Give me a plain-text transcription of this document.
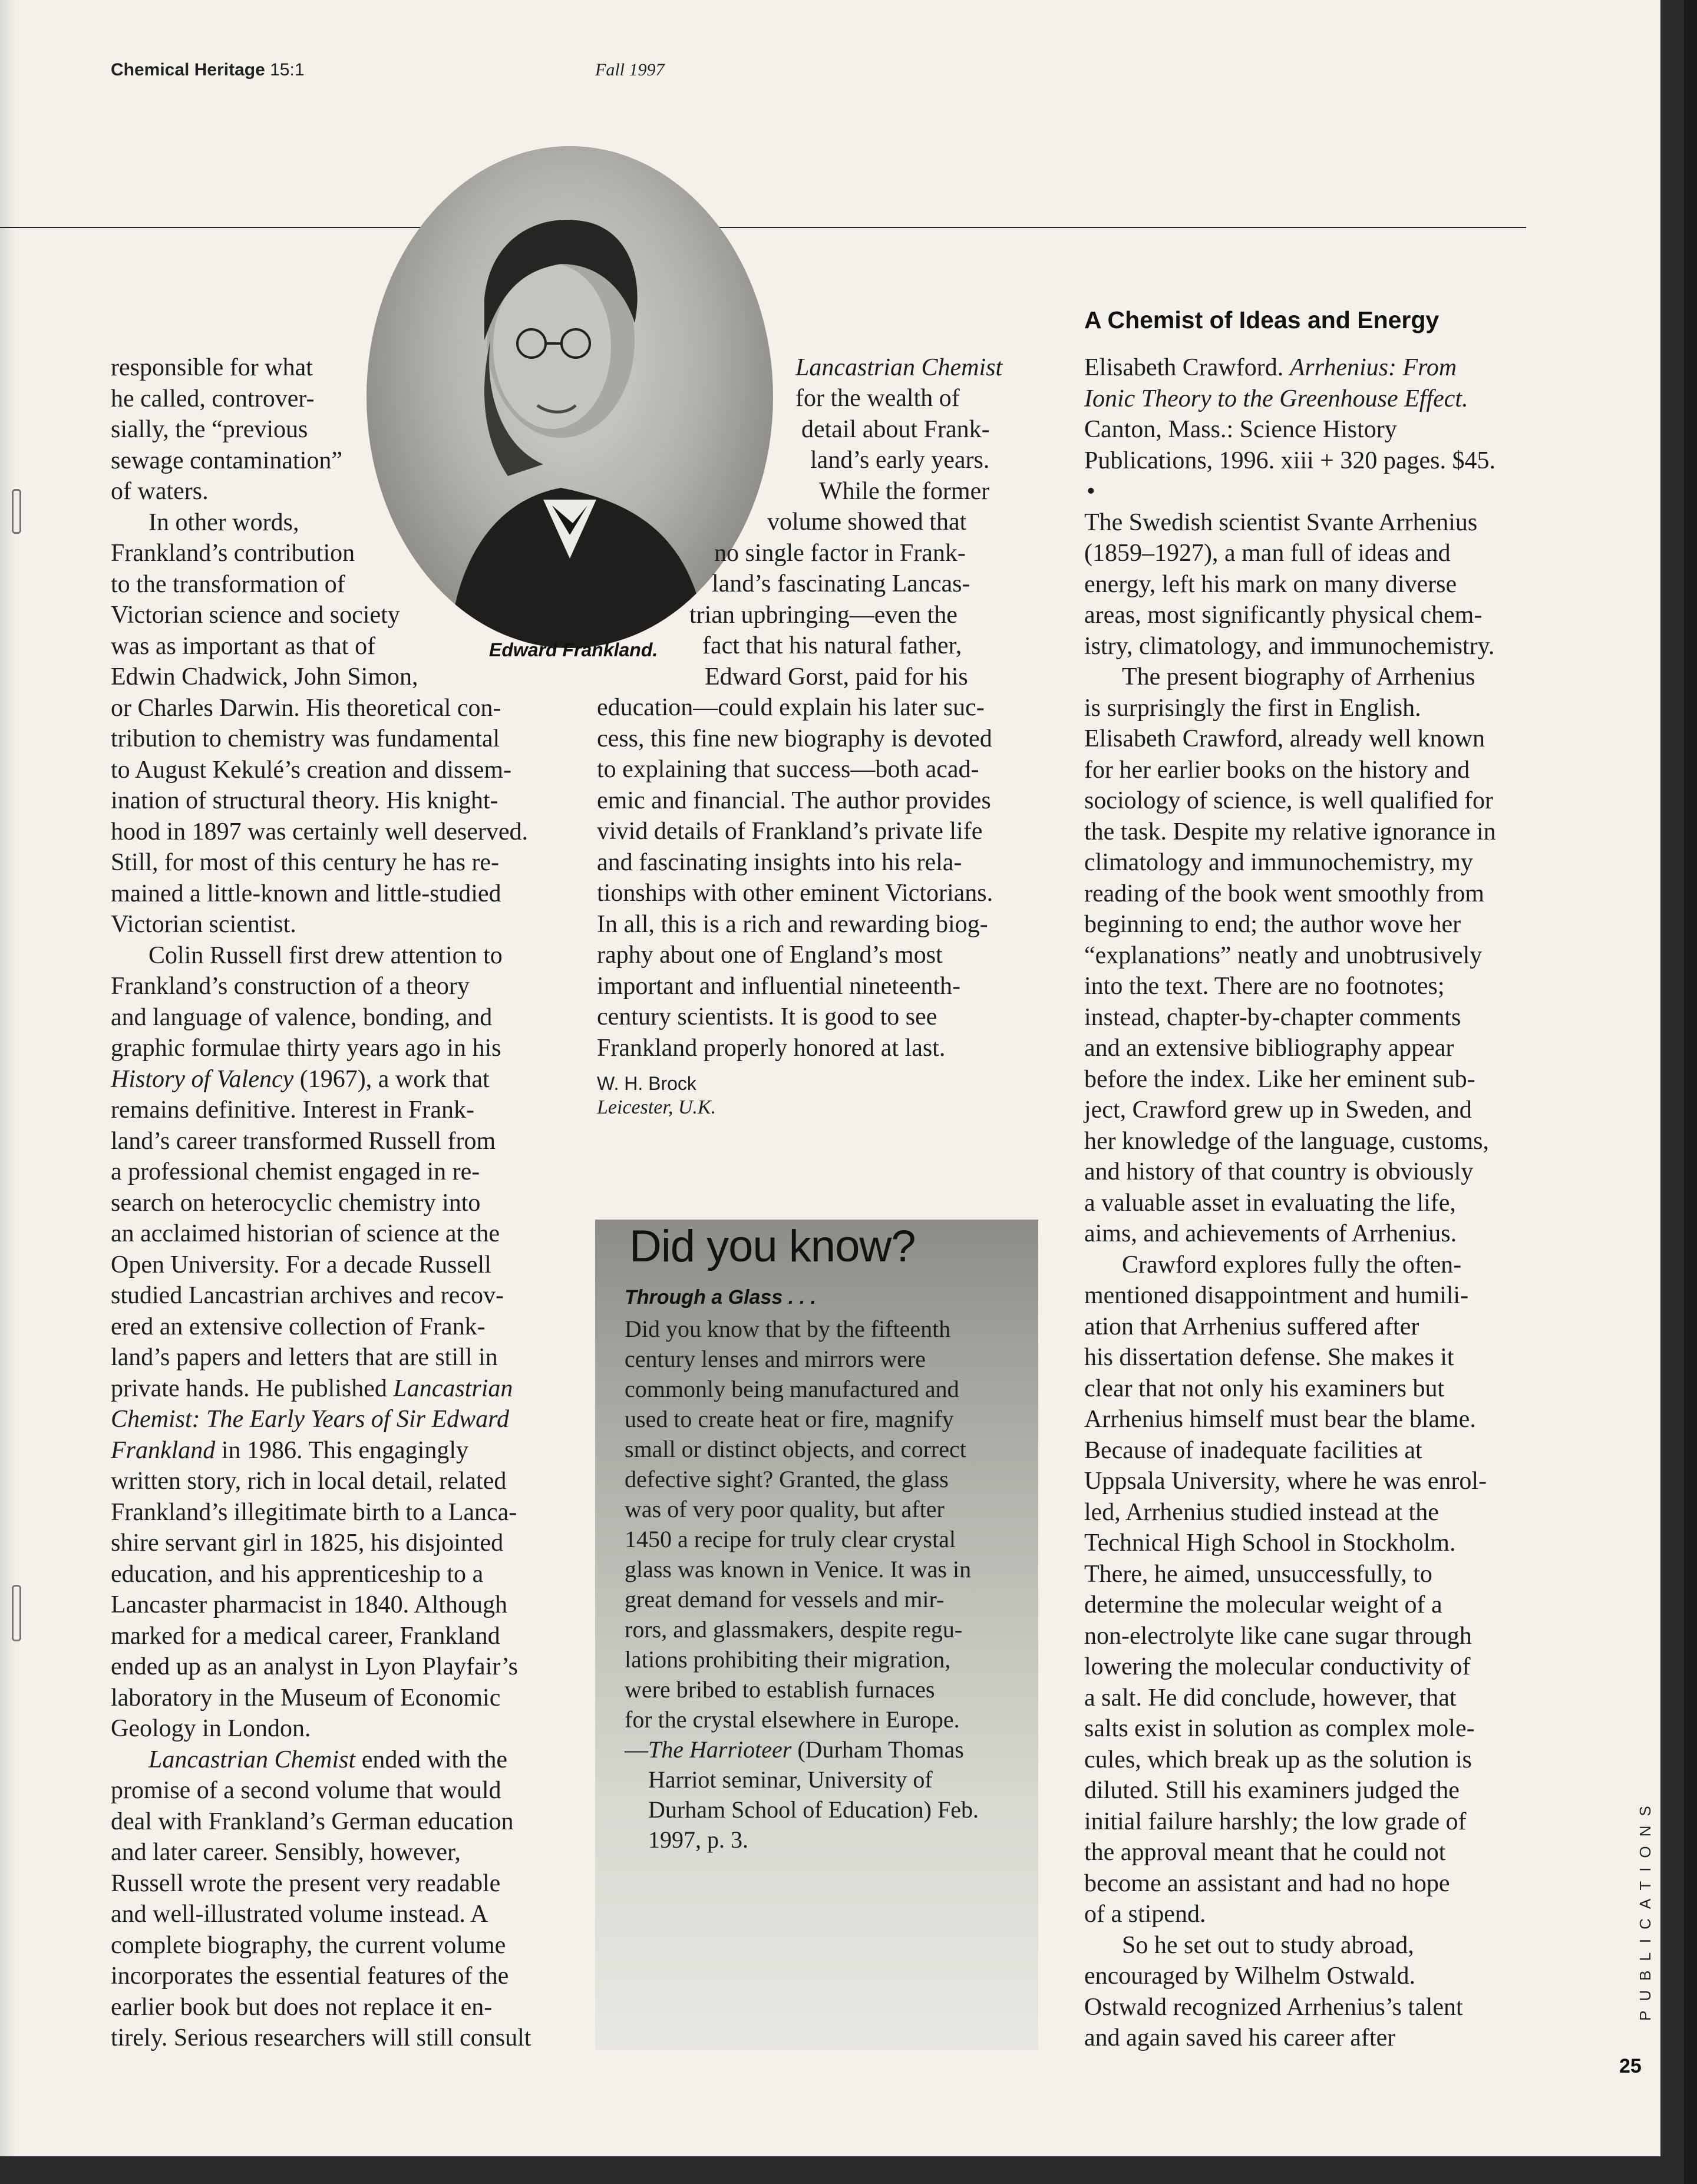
Chemical Heritage 15:1	Fall 1997
Edward Frankland.
responsible for what
he called, controver-
sially, the “previous
sewage contamination”
of waters.
In other words,
Frankland’s contribution
to the transformation of
Victorian science and society
was as important as that of
Edwin Chadwick, John Simon,
or Charles Darwin. His theoretical con-
tribution to chemistry was fundamental
to August Kekulé’s creation and dissem-
ination of structural theory. His knight-
hood in 1897 was certainly well deserved.
Still, for most of this century he has re-
mained a little-known and little-studied
Victorian scientist.
Colin Russell first drew attention to
Frankland’s construction of a theory
and language of valence, bonding, and
graphic formulae thirty years ago in his
History of Valency (1967), a work that
remains definitive. Interest in Frank-
land’s career transformed Russell from
a professional chemist engaged in re-
search on heterocyclic chemistry into
an acclaimed historian of science at the
Open University. For a decade Russell
studied Lancastrian archives and recov-
ered an extensive collection of Frank-
land’s papers and letters that are still in
private hands. He published Lancastrian
Chemist: The Early Years of Sir Edward
Frankland in 1986. This engagingly
written story, rich in local detail, related
Frankland’s illegitimate birth to a Lanca-
shire servant girl in 1825, his disjointed
education, and his apprenticeship to a
Lancaster pharmacist in 1840. Although
marked for a medical career, Frankland
ended up as an analyst in Lyon Playfair’s
laboratory in the Museum of Economic
Geology in London.
Lancastrian Chemist ended with the
promise of a second volume that would
deal with Frankland’s German education
and later career. Sensibly, however,
Russell wrote the present very readable
and well-illustrated volume instead. A
complete biography, the current volume
incorporates the essential features of the
earlier book but does not replace it en-
tirely. Serious researchers will still consult
Lancastrian Chemist
for the wealth of
detail about Frank-
land’s early years.
While the former
volume showed that
no single factor in Frank-
land’s fascinating Lancas-
trian upbringing—even the
fact that his natural father,
Edward Gorst, paid for his
education—could explain his later suc-
cess, this fine new biography is devoted
to explaining that success—both acad-
emic and financial. The author provides
vivid details of Frankland’s private life
and fascinating insights into his rela-
tionships with other eminent Victorians.
In all, this is a rich and rewarding biog-
raphy about one of England’s most
important and influential nineteenth-
century scientists. It is good to see
Frankland properly honored at last.
W. H. Brock
Leicester, U.K.
Did you know?
Through a Glass . . .
Did you know that by the fifteenth
century lenses and mirrors were
commonly being manufactured and
used to create heat or fire, magnify
small or distinct objects, and correct
defective sight? Granted, the glass
was of very poor quality, but after
1450 a recipe for truly clear crystal
glass was known in Venice. It was in
great demand for vessels and mir-
rors, and glassmakers, despite regu-
lations prohibiting their migration,
were bribed to establish furnaces
for the crystal elsewhere in Europe.
—The Harrioteer (Durham Thomas
Harriot seminar, University of
Durham School of Education) Feb.
1997, p. 3.
A Chemist of Ideas and Energy
Elisabeth Crawford. Arrhenius: From
Ionic Theory to the Greenhouse Effect.
Canton, Mass.: Science History
Publications, 1996. xiii + 320 pages. $45.
•
The Swedish scientist Svante Arrhenius
(1859–1927), a man full of ideas and
energy, left his mark on many diverse
areas, most significantly physical chem-
istry, climatology, and immunochemistry.
The present biography of Arrhenius
is surprisingly the first in English.
Elisabeth Crawford, already well known
for her earlier books on the history and
sociology of science, is well qualified for
the task. Despite my relative ignorance in
climatology and immunochemistry, my
reading of the book went smoothly from
beginning to end; the author wove her
“explanations” neatly and unobtrusively
into the text. There are no footnotes;
instead, chapter-by-chapter comments
and an extensive bibliography appear
before the index. Like her eminent sub-
ject, Crawford grew up in Sweden, and
her knowledge of the language, customs,
and history of that country is obviously
a valuable asset in evaluating the life,
aims, and achievements of Arrhenius.
Crawford explores fully the often-
mentioned disappointment and humili-
ation that Arrhenius suffered after
his dissertation defense. She makes it
clear that not only his examiners but
Arrhenius himself must bear the blame.
Because of inadequate facilities at
Uppsala University, where he was enrol-
led, Arrhenius studied instead at the
Technical High School in Stockholm.
There, he aimed, unsuccessfully, to
determine the molecular weight of a
non-electrolyte like cane sugar through
lowering the molecular conductivity of
a salt. He did conclude, however, that
salts exist in solution as complex mole-
cules, which break up as the solution is
diluted. Still his examiners judged the
initial failure harshly; the low grade of
the approval meant that he could not
become an assistant and had no hope
of a stipend.
So he set out to study abroad,
encouraged by Wilhelm Ostwald.
Ostwald recognized Arrhenius’s talent
and again saved his career after
PUBLICATIONS
25
